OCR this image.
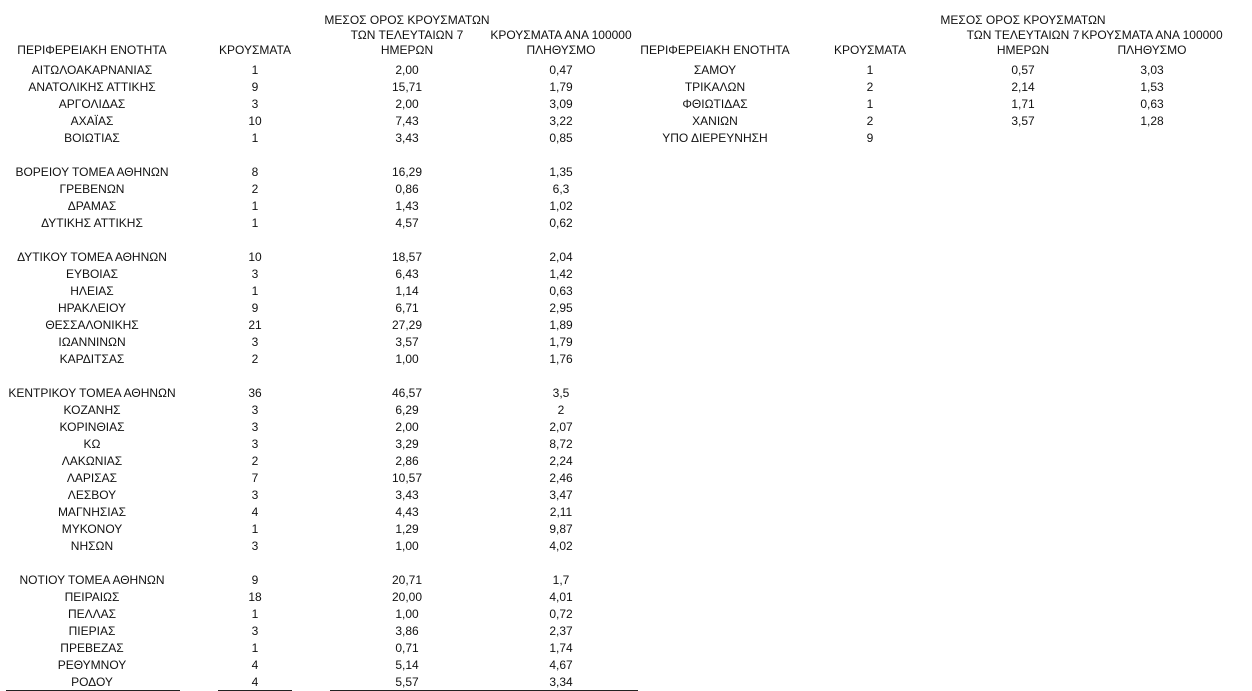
ΠΕΡΙΦΕΡΕΙΑΚΗ ΕΝΟΤΗΤΑ	ΚΡΟΥΣΜΑΤΑ
ΜΕΣΟΣ ΟΡΟΣ ΚΡΟΥΣΜΑΤΩΝ
ΤΩΝ ΤΕΛΕΥΤΑΙΩΝ 7
ΗΜΕΡΩΝ
ΚΡΟΥΣΜΑΤΑ ΑΝΑ 100000
ΠΛΗΘΥΣΜΟ
ΑΙΤΩΛΟΑΚΑΡΝΑΝΙΑΣ	1	2,00	0,47
ΑΝΑΤΟΛΙΚΗΣ ΑΤΤΙΚΗΣ	9	15,71	1,79
ΑΡΓΟΛΙΔΑΣ	3	2,00	3,09
ΑΧΑΪΑΣ	10	7,43	3,22
ΒΟΙΩΤΙΑΣ	1	3,43	0,85
ΒΟΡΕΙΟΥ ΤΟΜΕΑ ΑΘΗΝΩΝ	8	16,29	1,35
ΓΡΕΒΕΝΩΝ	2	0,86	6,3
ΔΡΑΜΑΣ	1	1,43	1,02
ΔΥΤΙΚΗΣ ΑΤΤΙΚΗΣ	1	4,57	0,62
ΔΥΤΙΚΟΥ ΤΟΜΕΑ ΑΘΗΝΩΝ	10	18,57	2,04
ΕΥΒΟΙΑΣ	3	6,43	1,42
ΗΛΕΙΑΣ	1	1,14	0,63
ΗΡΑΚΛΕΙΟΥ	9	6,71	2,95
ΘΕΣΣΑΛΟΝΙΚΗΣ	21	27,29	1,89
ΙΩΑΝΝΙΝΩΝ	3	3,57	1,79
ΚΑΡΔΙΤΣΑΣ	2	1,00	1,76
ΚΕΝΤΡΙΚΟΥ ΤΟΜΕΑ ΑΘΗΝΩΝ	36	46,57	3,5
ΚΟΖΑΝΗΣ	3	6,29	2
ΚΟΡΙΝΘΙΑΣ	3	2,00	2,07
ΚΩ	3	3,29	8,72
ΛΑΚΩΝΙΑΣ	2	2,86	2,24
ΛΑΡΙΣΑΣ	7	10,57	2,46
ΛΕΣΒΟΥ	3	3,43	3,47
ΜΑΓΝΗΣΙΑΣ	4	4,43	2,11
ΜΥΚΟΝΟΥ	1	1,29	9,87
ΝΗΣΩΝ	3	1,00	4,02
ΝΟΤΙΟΥ ΤΟΜΕΑ ΑΘΗΝΩΝ	9	20,71	1,7
ΠΕΙΡΑΙΩΣ	18	20,00	4,01
ΠΕΛΛΑΣ	1	1,00	0,72
ΠΙΕΡΙΑΣ	3	3,86	2,37
ΠΡΕΒΕΖΑΣ	1	0,71	1,74
ΡΕΘΥΜΝΟΥ	4	5,14	4,67
ΡΟΔΟΥ	4	5,57	3,34
ΠΕΡΙΦΕΡΕΙΑΚΗ ΕΝΟΤΗΤΑ	ΚΡΟΥΣΜΑΤΑ
ΜΕΣΟΣ ΟΡΟΣ ΚΡΟΥΣΜΑΤΩΝ
ΤΩΝ ΤΕΛΕΥΤΑΙΩΝ 7
ΗΜΕΡΩΝ
ΚΡΟΥΣΜΑΤΑ ΑΝΑ 100000
ΠΛΗΘΥΣΜΟ
ΣΑΜΟΥ	1	0,57	3,03
ΤΡΙΚΑΛΩΝ	2	2,14	1,53
ΦΘΙΩΤΙΔΑΣ	1	1,71	0,63
ΧΑΝΙΩΝ	2	3,57	1,28
ΥΠΟ ΔΙΕΡΕΥΝΗΣΗ	9
